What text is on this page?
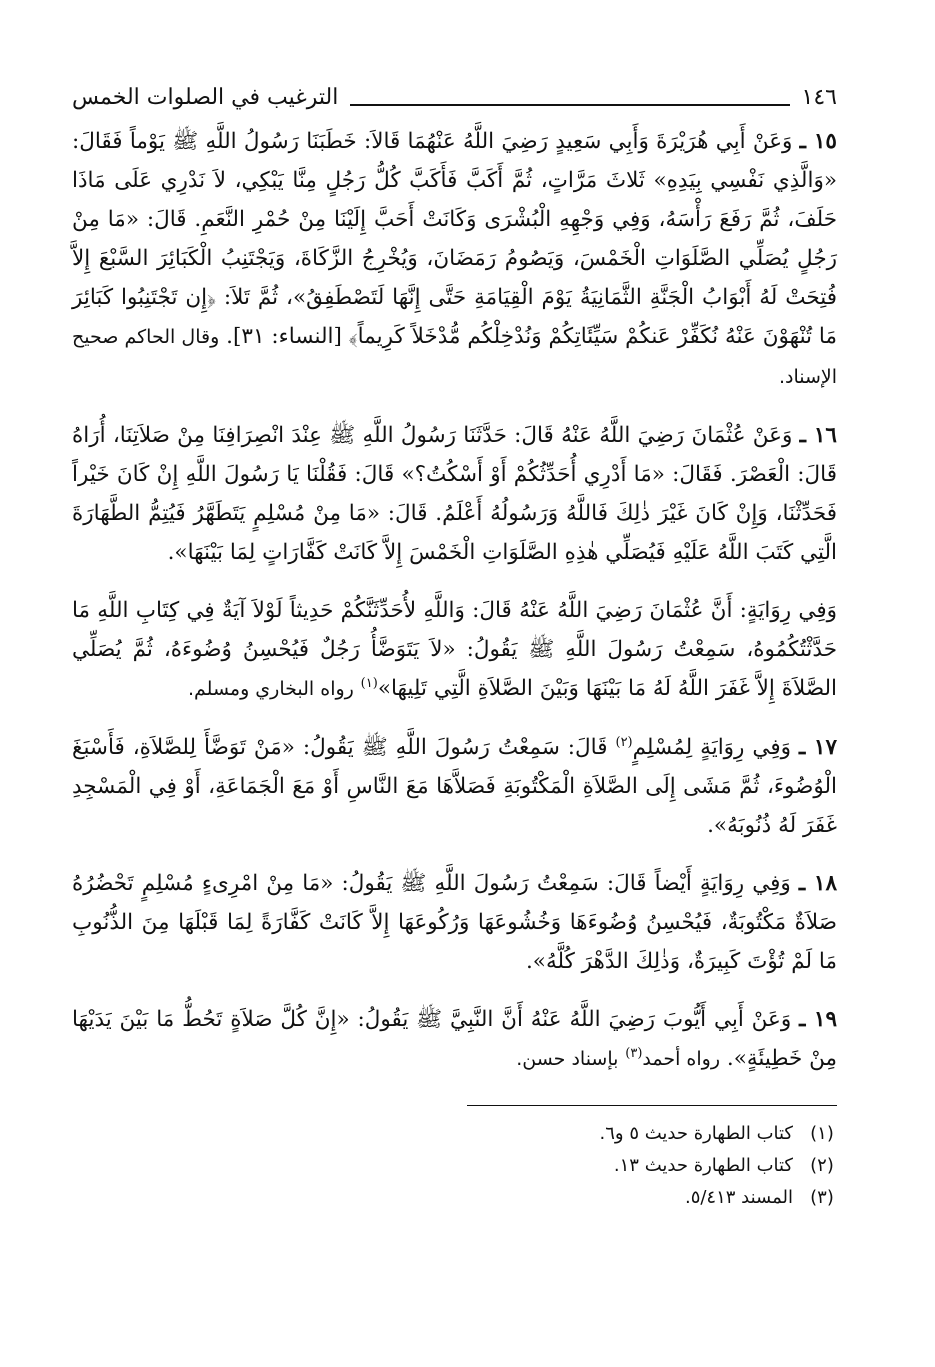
١٤٦
الترغيب في الصلوات الخمس

١٥ ـ وَعَنْ أَبِي هُرَيْرَةَ وَأَبِي سَعِيدٍ رَضِيَ اللَّهُ عَنْهُمَا قَالاَ: خَطَبَنَا رَسُولُ اللَّهِ ﷺ يَوْماً فَقَالَ: «وَالَّذِي نَفْسِي بِيَدِهِ» ثَلاثَ مَرَّاتٍ، ثُمَّ أَكَبَّ فَأَكَبَّ كُلُّ رَجُلٍ مِنَّا يَبْكِي، لاَ نَدْرِي عَلَى مَاذَا حَلَفَ، ثُمَّ رَفَعَ رَأْسَهُ، وَفِي وَجْهِهِ الْبُشْرَى وَكَانَتْ أَحَبَّ إِلَيْنَا مِنْ حُمْرِ النَّعَمِ. قَالَ: «مَا مِنْ رَجُلٍ يُصَلِّي الصَّلَوَاتِ الْخَمْسَ، وَيَصُومُ رَمَضَانَ، وَيُخْرِجُ الزَّكَاةَ، وَيَجْتَنِبُ الْكَبَائِرَ السَّبْعَ إِلاَّ فُتِحَتْ لَهُ أَبْوَابُ الْجَنَّةِ الثَّمَانِيَةُ يَوْمَ الْقِيَامَةِ حَتَّى إِنَّهَا لَتَصْطَفِقُ»، ثُمَّ تَلاَ: ﴿إِن تَجْتَنِبُوا كَبَائِرَ مَا تُنْهَوْنَ عَنْهُ نُكَفِّرْ عَنكُمْ سَيِّئَاتِكُمْ وَنُدْخِلْكُم مُّدْخَلاً كَرِيماً﴾ [النساء: ٣١]. وقال الحاكم صحيح الإسناد.

١٦ ـ وَعَنْ عُثْمَانَ رَضِيَ اللَّهُ عَنْهُ قَالَ: حَدَّثَنَا رَسُولُ اللَّهِ ﷺ عِنْدَ انْصِرَافِنَا مِنْ صَلاَتِنَا، أُرَاهُ قَالَ: الْعَصْرَ. فَقَالَ: «مَا أَدْرِي أُحَدِّثُكُمْ أَوْ أَسْكُتُ؟» قَالَ: فَقُلْنَا يَا رَسُولَ اللَّهِ إِنْ كَانَ خَيْراً فَحَدِّثْنَا، وَإِنْ كَانَ غَيْرَ ذٰلِكَ فَاللَّهُ وَرَسُولُهُ أَعْلَمُ. قَالَ: «مَا مِنْ مُسْلِمٍ يَتَطَهَّرُ فَيُتِمُّ الطَّهَارَةَ الَّتِي كَتَبَ اللَّهُ عَلَيْهِ فَيُصَلِّي هٰذِهِ الصَّلَوَاتِ الْخَمْسَ إِلاَّ كَانَتْ كَفَّارَاتٍ لِمَا بَيْنَهَا».

وَفِي رِوَايَةٍ: أَنَّ عُثْمَانَ رَضِيَ اللَّهُ عَنْهُ قَالَ: وَاللَّهِ لأُحَدِّثَنَّكُمْ حَدِيثاً لَوْلاَ آيَةٌ فِي كِتَابِ اللَّهِ مَا حَدَّثْتُكُمُوهُ، سَمِعْتُ رَسُولَ اللَّهِ ﷺ يَقُولُ: «لاَ يَتَوَضَّأُ رَجُلٌ فَيُحْسِنُ وُضُوءَهُ، ثُمَّ يُصَلِّي الصَّلاَةَ إِلاَّ غَفَرَ اللَّهُ لَهُ مَا بَيْنَهَا وَبَيْنَ الصَّلاَةِ الَّتِي تَلِيهَا»$^{(١)}$ رواه البخاري ومسلم.

١٧ ـ وَفِي رِوَايَةٍ لِمُسْلِمٍ$^{(٢)}$ قَالَ: سَمِعْتُ رَسُولَ اللَّهِ ﷺ يَقُولُ: «مَنْ تَوَضَّأَ لِلصَّلاَةِ، فَأَسْبَغَ الْوُضُوءَ، ثُمَّ مَشَى إِلَى الصَّلاَةِ الْمَكْتُوبَةِ فَصَلاَّهَا مَعَ النَّاسِ أَوْ مَعَ الْجَمَاعَةِ، أَوْ فِي الْمَسْجِدِ غَفَرَ لَهُ ذُنُوبَهُ».

١٨ ـ وَفِي رِوَايَةٍ أَيْضاً قَالَ: سَمِعْتُ رَسُولَ اللَّهِ ﷺ يَقُولُ: «مَا مِنْ امْرِىءٍ مُسْلِمٍ تَحْضُرُهُ صَلاَةٌ مَكْتُوبَةٌ، فَيُحْسِنُ وُضُوءَهَا وَخُشُوعَهَا وَرُكُوعَهَا إِلاَّ كَانَتْ كَفَّارَةً لِمَا قَبْلَهَا مِنَ الذُّنُوبِ مَا لَمْ تُؤْتَ كَبِيرَةٌ، وَذٰلِكَ الدَّهْرَ كُلَّهُ».

١٩ ـ وَعَنْ أَبِي أَيُّوبَ رَضِيَ اللَّهُ عَنْهُ أَنَّ النَّبِيَّ ﷺ يَقُولُ: «إِنَّ كُلَّ صَلاَةٍ تَحُطُّ مَا بَيْنَ يَدَيْهَا مِنْ خَطِيئَةٍ». رواه أحمد$^{(٣)}$ بإسناد حسن.

(١)
كتاب الطهارة حديث ٥ و٦.
(٢)
كتاب الطهارة حديث ١٣.
(٣)
المسند ٥/٤١٣.
